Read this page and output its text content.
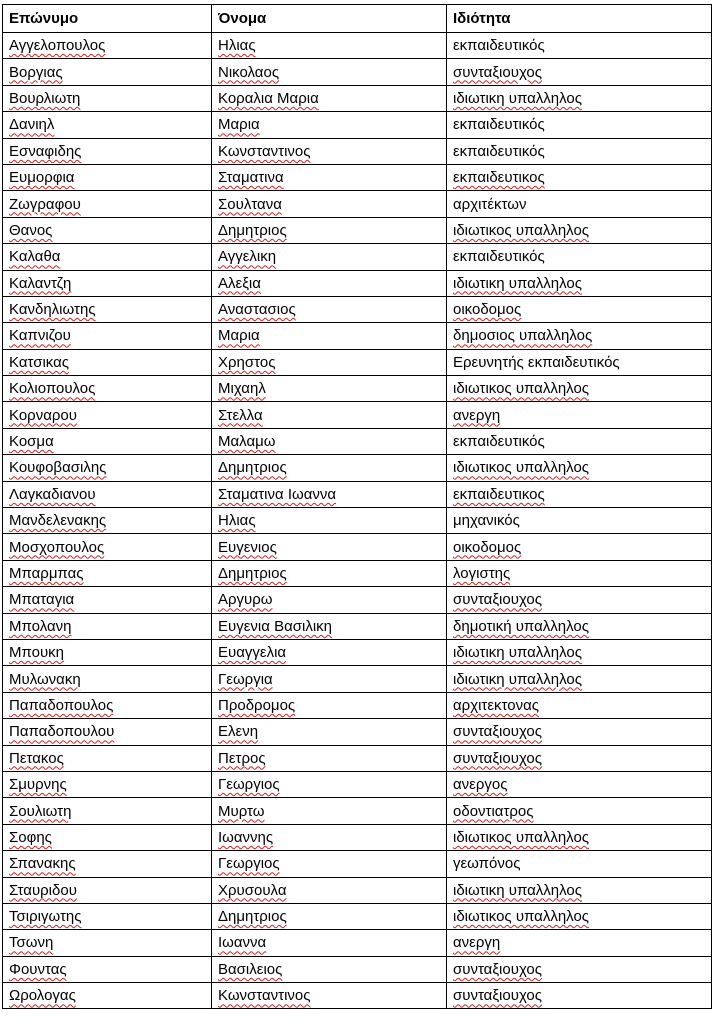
Επώνυμο	Όνομα	Ιδιότητα
Αγγελοπουλος	Ηλιας	εκπαιδευτικός
Βοργιας	Νικολαος	συνταξιουχος
Βουρλιωτη	Κοραλια Μαρια	ιδιωτικη υπαλληλος
Δανιηλ	Μαρια	εκπαιδευτικός
Εσναφιδης	Κωνσταντινος	εκπαιδευτικός
Ευμορφια	Σταματινα	εκπαιδευτικος
Ζωγραφου	Σουλτανα	αρχιτέκτων
Θανος	Δημητριος	ιδιωτικος υπαλληλος
Καλαθα	Αγγελικη	εκπαιδευτικός
Καλαντζη	Αλεξια	ιδιωτικη υπαλληλος
Κανδηλιωτης	Αναστασιος	οικοδομος
Καπνιζου	Μαρια	δημοσιος υπαλληλος
Κατσικας	Χρηστος	Ερευνητής εκπαιδευτικός
Κολιοπουλος	Μιχαηλ	ιδιωτικος υπαλληλος
Κορναρου	Στελλα	ανεργη
Κοσμα	Μαλαμω	εκπαιδευτικός
Κουφοβασιλης	Δημητριος	ιδιωτικος υπαλληλος
Λαγκαδιανου	Σταματινα Ιωαννα	εκπαιδευτικος
Μανδελενακης	Ηλιας	μηχανικός
Μοσχοπουλος	Ευγενιος	οικοδομος
Μπαρμπας	Δημητριος	λογιστης
Μπαταγια	Αργυρω	συνταξιουχος
Μπολανη	Ευγενια Βασιλικη	δημοτική υπαλληλος
Μπουκη	Ευαγγελια	ιδιωτικη υπαλληλος
Μυλωνακη	Γεωργια	ιδιωτικη υπαλληλος
Παπαδοπουλος	Προδρομος	αρχιτεκτονας
Παπαδοπουλου	Ελενη	συνταξιουχος
Πετακος	Πετρος	συνταξιουχος
Σμυρνης	Γεωργιος	ανεργος
Σουλιωτη	Μυρτω	οδοντιατρος
Σοφης	Ιωαννης	ιδιωτικος υπαλληλος
Σπανακης	Γεωργιος	γεωπόνος
Σταυριδου	Χρυσουλα	ιδιωτικη υπαλληλος
Τσιριγωτης	Δημητριος	ιδιωτικος υπαλληλος
Τσωνη	Ιωαννα	ανεργη
Φουντας	Βασιλειος	συνταξιουχος
Ωρολογας	Κωνσταντινος	συνταξιουχος
